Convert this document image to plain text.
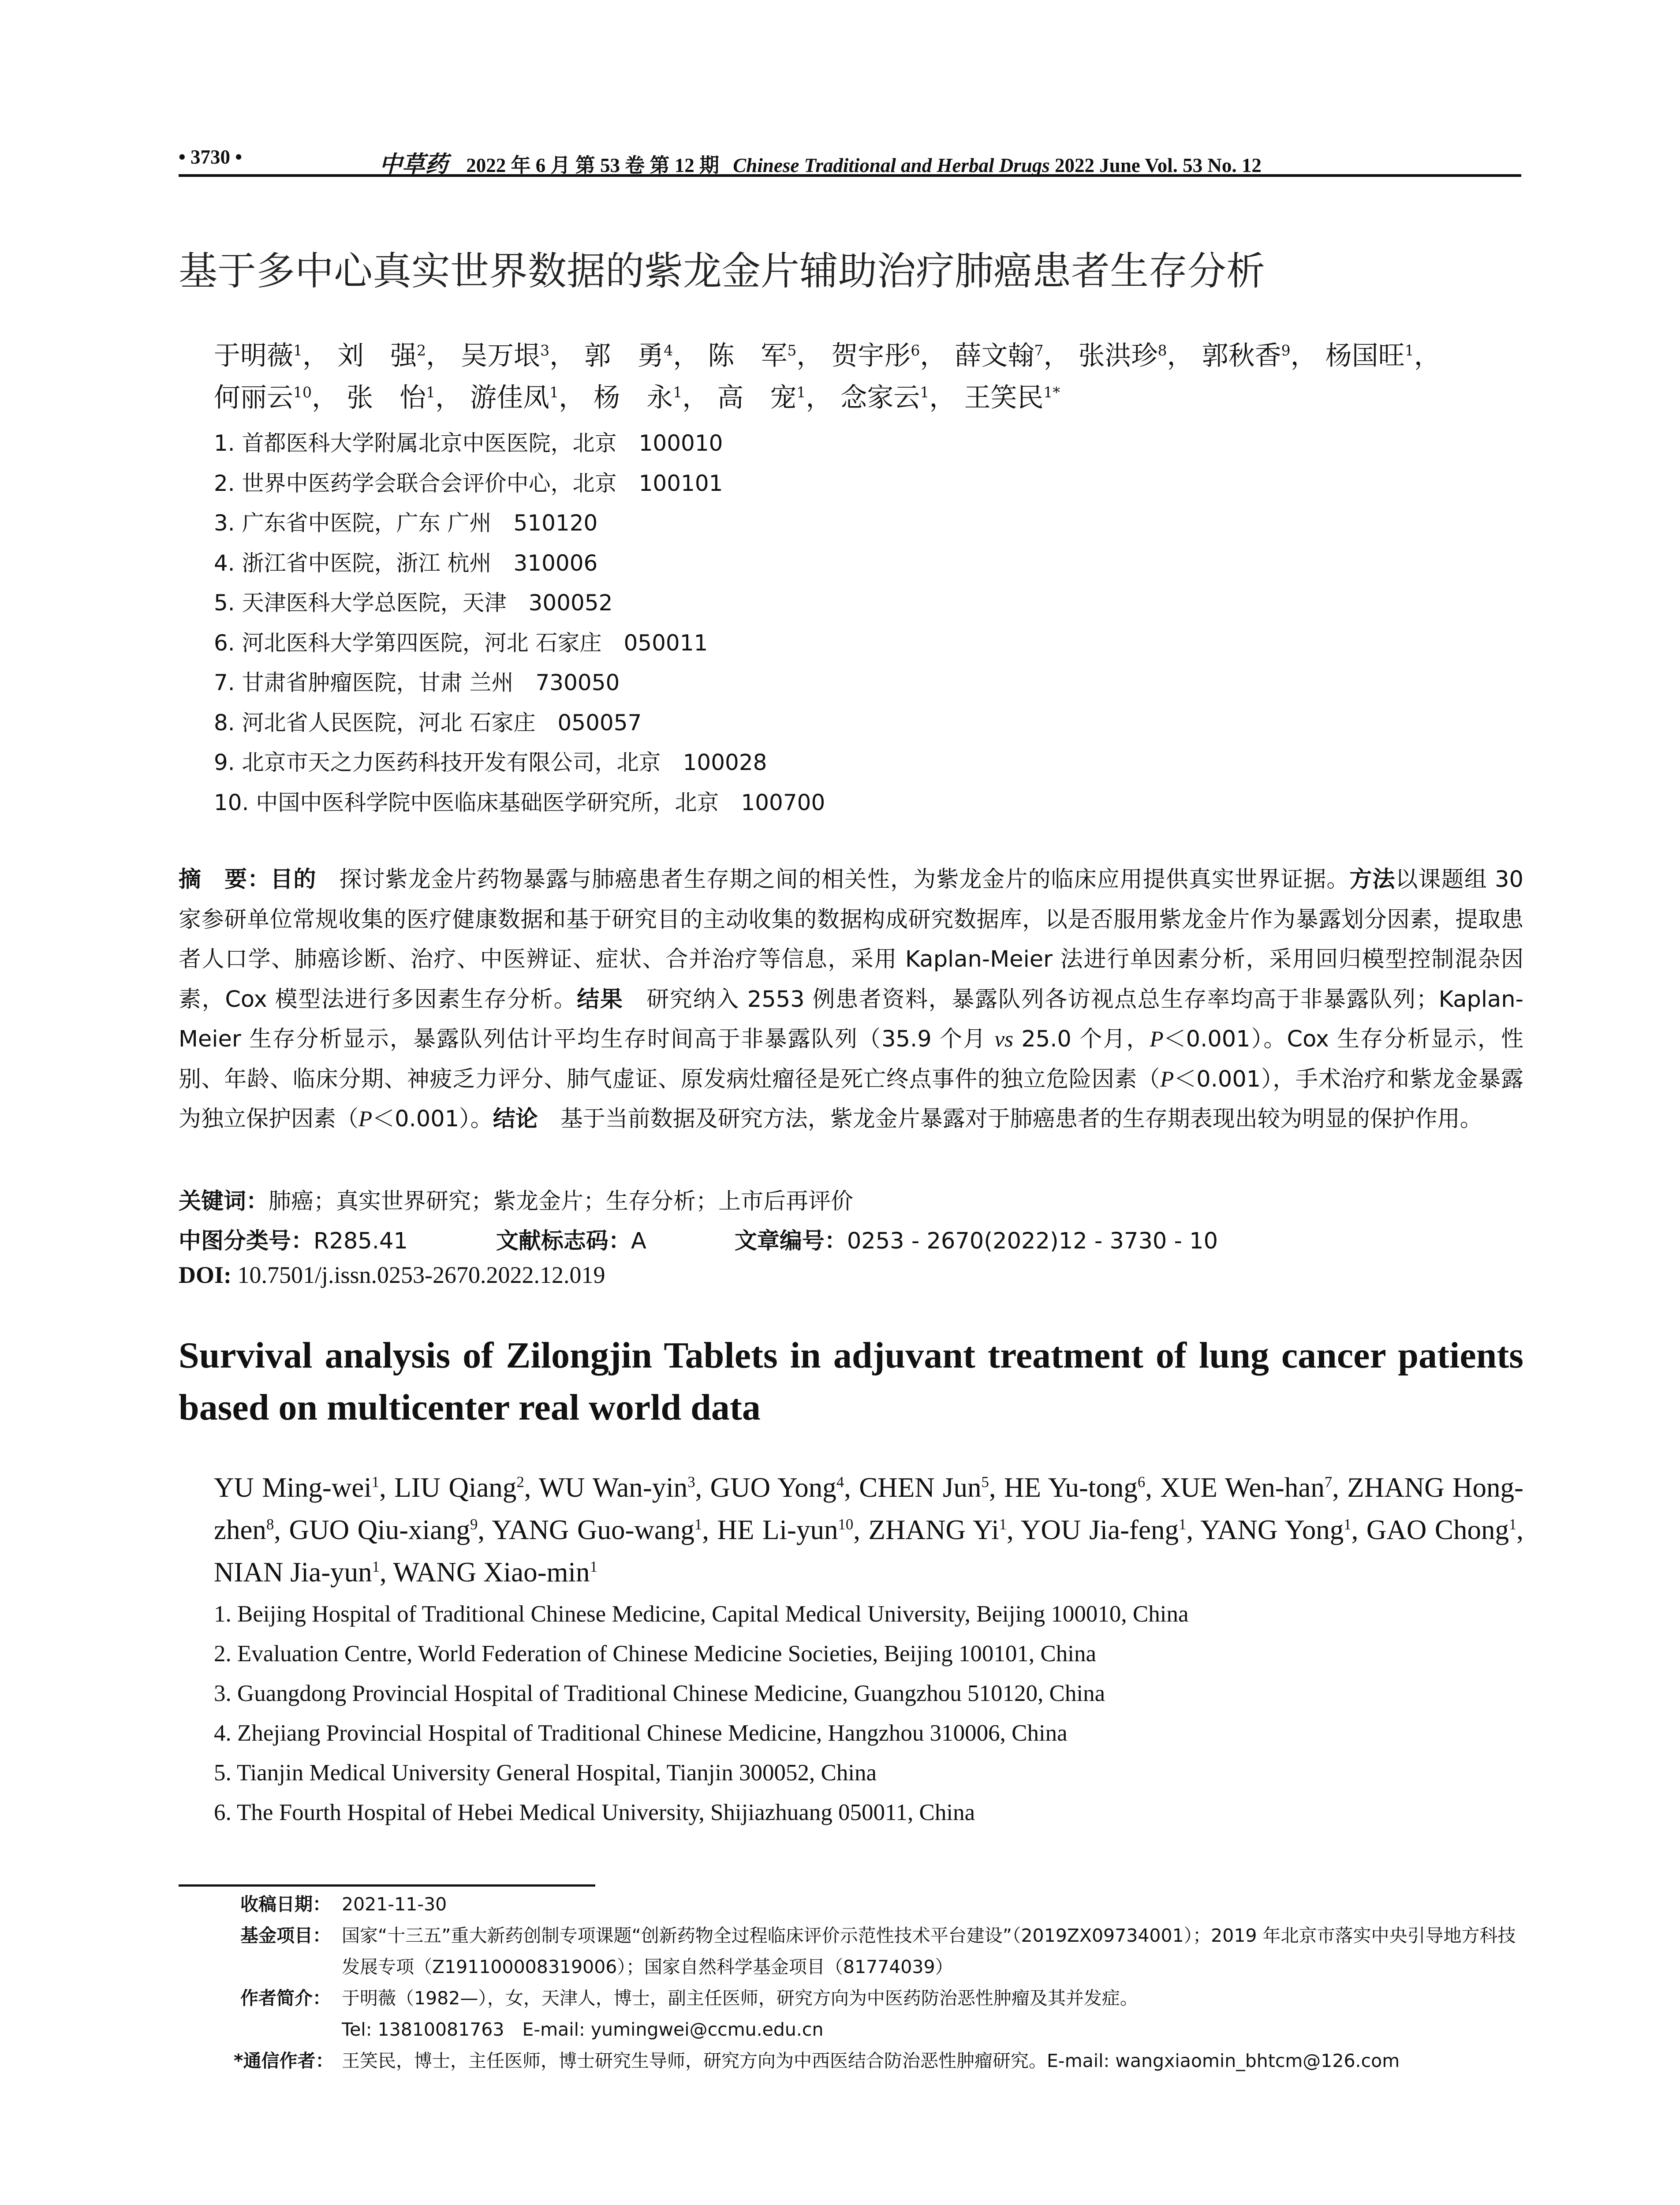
• 3730 •	中草药 2022 年 6 月 第 53 卷 第 12 期 Chinese Traditional and Herbal Drugs 2022 June Vol. 53 No. 12
基于多中心真实世界数据的紫龙金片辅助治疗肺癌患者生存分析
于明薇$^1$， 刘　强$^2$， 吴万垠$^3$， 郭　勇$^4$， 陈　军$^5$， 贺宇彤$^6$， 薛文翰$^7$， 张洪珍$^8$， 郭秋香$^9$， 杨国旺$^1$，
何丽云$^{10}$， 张　怡$^1$， 游佳凤$^1$， 杨　永$^1$， 高　宠$^1$， 念家云$^1$， 王笑民$^{1*}$
1. 首都医科大学附属北京中医医院，北京　100010
2. 世界中医药学会联合会评价中心，北京　100101
3. 广东省中医院，广东 广州　510120
4. 浙江省中医院，浙江 杭州　310006
5. 天津医科大学总医院，天津　300052
6. 河北医科大学第四医院，河北 石家庄　050011
7. 甘肃省肿瘤医院，甘肃 兰州　730050
8. 河北省人民医院，河北 石家庄　050057
9. 北京市天之力医药科技开发有限公司，北京　100028
10. 中国中医科学院中医临床基础医学研究所，北京　100700
摘　要：目的　 探讨紫龙金片药物暴露与肺癌患者生存期之间的相关性，为紫龙金片的临床应用提供真实世界证据。方法以课题组 30 家参研单位常规收集的医疗健康数据和基于研究目的主动收集的数据构成研究数据库，以是否服用紫龙金片作为暴露划分因素，提取患者人口学、肺癌诊断、治疗、中医辨证、症状、合并治疗等信息，采用 Kaplan-Meier 法进行单因素分析，采用回归模型控制混杂因素，Cox 模型法进行多因素生存分析。结果　 研究纳入 2553 例患者资料，暴露队列各访视点总生存率均高于非暴露队列；Kaplan-Meier 生存分析显示，暴露队列估计平均生存时间高于非暴露队列（35.9 个月 vs 25.0 个月，P＜0.001）。Cox 生存分析显示，性别、年龄、临床分期、神疲乏力评分、肺气虚证、原发病灶瘤径是死亡终点事件的独立危险因素（P＜0.001），手术治疗和紫龙金暴露为独立保护因素（P＜0.001）。结论　 基于当前数据及研究方法，紫龙金片暴露对于肺癌患者的生存期表现出较为明显的保护作用。
关键词：肺癌；真实世界研究；紫龙金片；生存分析；上市后再评价
中图分类号：R285.41	文献标志码：A	文章编号：0253 - 2670(2022)12 - 3730 - 10
DOI: 10.7501/j.issn.0253-2670.2022.12.019
Survival analysis of Zilongjin Tablets in adjuvant treatment of lung cancer patients based on multicenter real world data
YU Ming-wei$^1$, LIU Qiang$^2$, WU Wan-yin$^3$, GUO Yong$^4$, CHEN Jun$^5$, HE Yu-tong$^6$, XUE Wen-han$^7$, ZHANG Hong-zhen$^8$, GUO Qiu-xiang$^9$, YANG Guo-wang$^1$, HE Li-yun$^{10}$, ZHANG Yi$^1$, YOU Jia-feng$^1$, YANG Yong$^1$, GAO Chong$^1$, NIAN Jia-yun$^1$, WANG Xiao-$\min^1$
1. Beijing Hospital of Traditional Chinese Medicine, Capital Medical University, Beijing 100010, China
2. Evaluation Centre, World Federation of Chinese Medicine Societies, Beijing 100101, China
3. Guangdong Provincial Hospital of Traditional Chinese Medicine, Guangzhou 510120, China
4. Zhejiang Provincial Hospital of Traditional Chinese Medicine, Hangzhou 310006, China
5. Tianjin Medical University General Hospital, Tianjin 300052, China
6. The Fourth Hospital of Hebei Medical University, Shijiazhuang 050011, China
收稿日期： 2021-11-30
基金项目： 国家“十三五”重大新药创制专项课题“创新药物全过程临床评价示范性技术平台建设”（2019ZX09734001）；2019 年北京市落实中央引导地方科技发展专项（Z191100008319006）；国家自然科学基金项目（81774039）
作者简介： 于明薇（1982—），女，天津人，博士，副主任医师，研究方向为中医药防治恶性肿瘤及其并发症。
Tel: 13810081763　E-mail: yumingwei@ccmu.edu.cn
*通信作者： 王笑民，博士，主任医师，博士研究生导师，研究方向为中西医结合防治恶性肿瘤研究。E-mail: wangxiaomin_bhtcm@126.com
